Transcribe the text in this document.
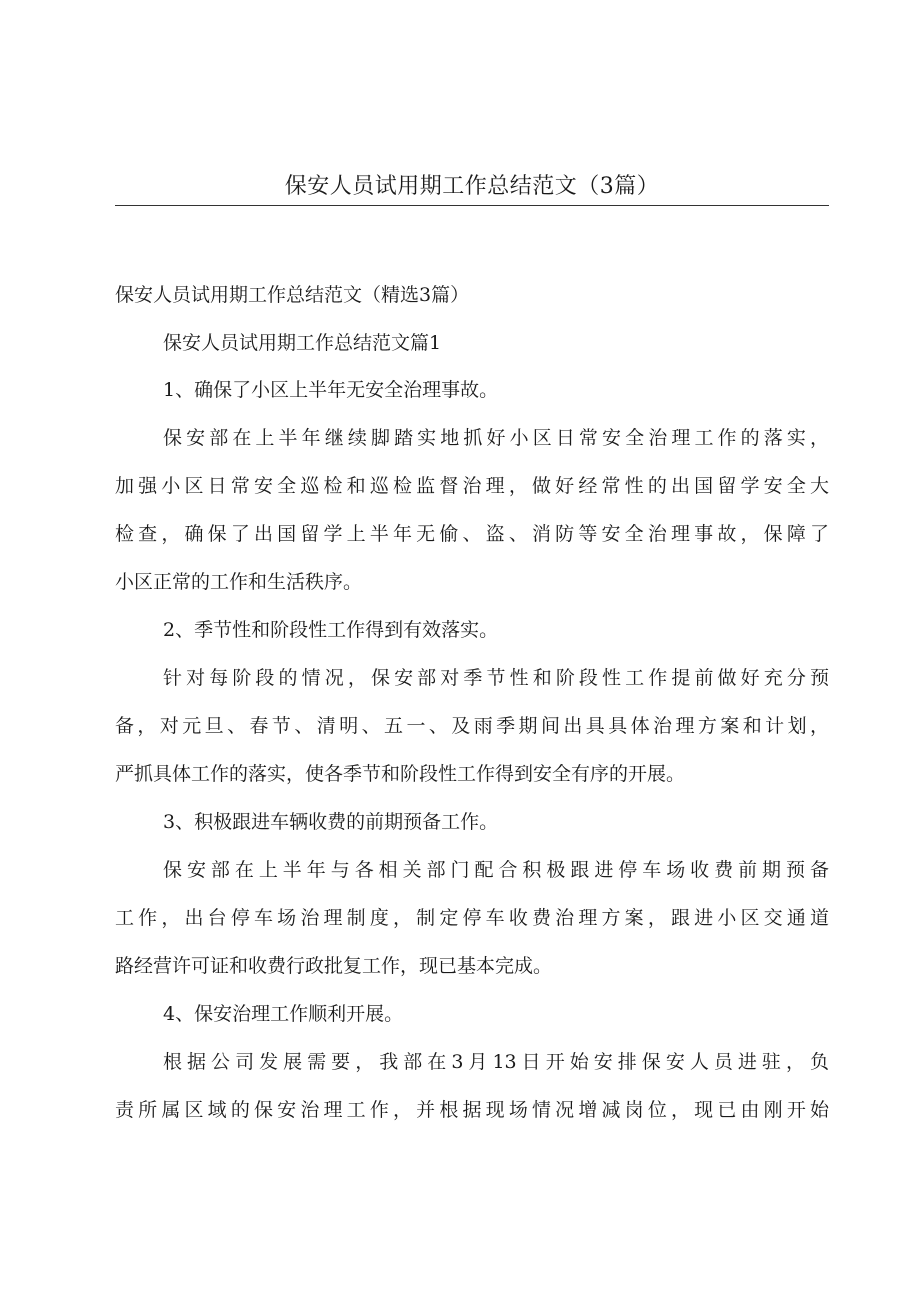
保安人员试用期工作总结范文（3篇）
保安人员试用期工作总结范文（精选3篇）
保安人员试用期工作总结范文篇1
1、确保了小区上半年无安全治理事故。
保安部在上半年继续脚踏实地抓好小区日常安全治理工作的落实，
加强小区日常安全巡检和巡检监督治理，做好经常性的出国留学安全大
检查，确保了出国留学上半年无偷、盗、消防等安全治理事故，保障了
小区正常的工作和生活秩序。
2、季节性和阶段性工作得到有效落实。
针对每阶段的情况，保安部对季节性和阶段性工作提前做好充分预
备，对元旦、春节、清明、五一、及雨季期间出具具体治理方案和计划，
严抓具体工作的落实，使各季节和阶段性工作得到安全有序的开展。
3、积极跟进车辆收费的前期预备工作。
保安部在上半年与各相关部门配合积极跟进停车场收费前期预备
工作，出台停车场治理制度，制定停车收费治理方案，跟进小区交通道
路经营许可证和收费行政批复工作，现已基本完成。
4、保安治理工作顺利开展。
根据公司发展需要，我部在3月13日开始安排保安人员进驻，负
责所属区域的保安治理工作，并根据现场情况增减岗位，现已由刚开始
